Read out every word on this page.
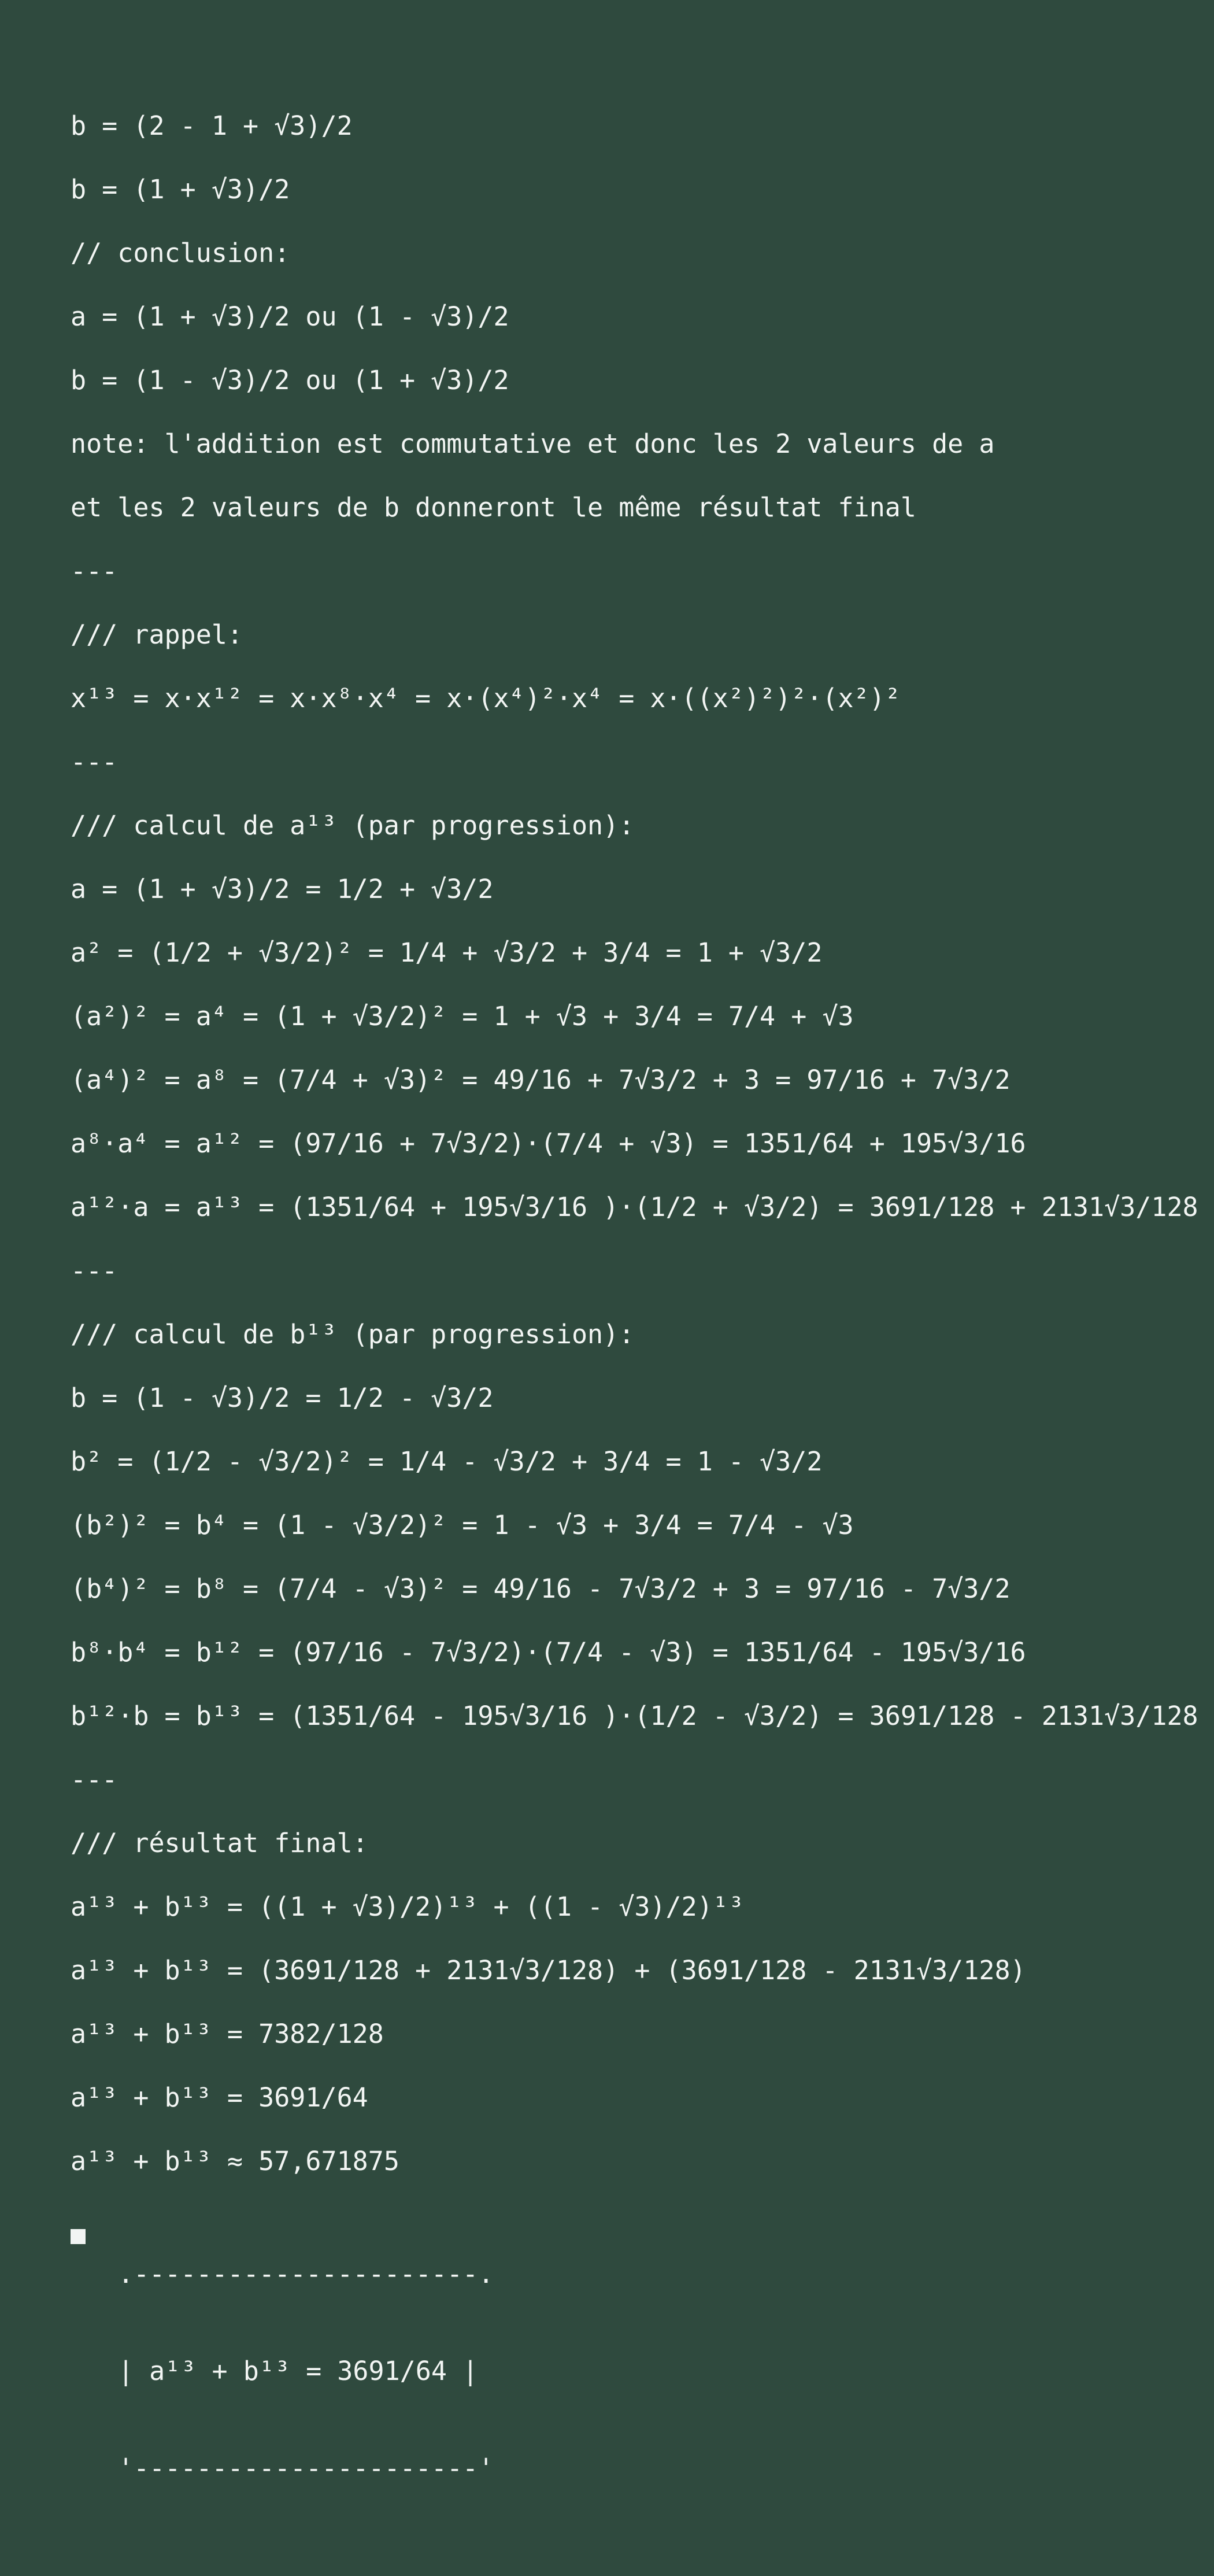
b = (2 - 1 + √3)/2
b = (1 + √3)/2
// conclusion:
a = (1 + √3)/2 ou (1 - √3)/2
b = (1 - √3)/2 ou (1 + √3)/2
note: l'addition est commutative et donc les 2 valeurs de a
et les 2 valeurs de b donneront le même résultat final
---
/// rappel:
x¹³ = x·x¹² = x·x⁸·x⁴ = x·(x⁴)²·x⁴ = x·((x²)²)²·(x²)²
---
/// calcul de a¹³ (par progression):
a = (1 + √3)/2 = 1/2 + √3/2
a² = (1/2 + √3/2)² = 1/4 + √3/2 + 3/4 = 1 + √3/2
(a²)² = a⁴ = (1 + √3/2)² = 1 + √3 + 3/4 = 7/4 + √3
(a⁴)² = a⁸ = (7/4 + √3)² = 49/16 + 7√3/2 + 3 = 97/16 + 7√3/2
a⁸·a⁴ = a¹² = (97/16 + 7√3/2)·(7/4 + √3) = 1351/64 + 195√3/16
a¹²·a = a¹³ = (1351/64 + 195√3/16 )·(1/2 + √3/2) = 3691/128 + 2131√3/128
---
/// calcul de b¹³ (par progression):
b = (1 - √3)/2 = 1/2 - √3/2
b² = (1/2 - √3/2)² = 1/4 - √3/2 + 3/4 = 1 - √3/2
(b²)² = b⁴ = (1 - √3/2)² = 1 - √3 + 3/4 = 7/4 - √3
(b⁴)² = b⁸ = (7/4 - √3)² = 49/16 - 7√3/2 + 3 = 97/16 - 7√3/2
b⁸·b⁴ = b¹² = (97/16 - 7√3/2)·(7/4 - √3) = 1351/64 - 195√3/16
b¹²·b = b¹³ = (1351/64 - 195√3/16 )·(1/2 - √3/2) = 3691/128 - 2131√3/128
---
/// résultat final:
a¹³ + b¹³ = ((1 + √3)/2)¹³ + ((1 - √3)/2)¹³
a¹³ + b¹³ = (3691/128 + 2131√3/128) + (3691/128 - 2131√3/128)
a¹³ + b¹³ = 7382/128
a¹³ + b¹³ = 3691/64
a¹³ + b¹³ ≈ 57,671875

.----------------------.

| a¹³ + b¹³ = 3691/64 |

'----------------------'
